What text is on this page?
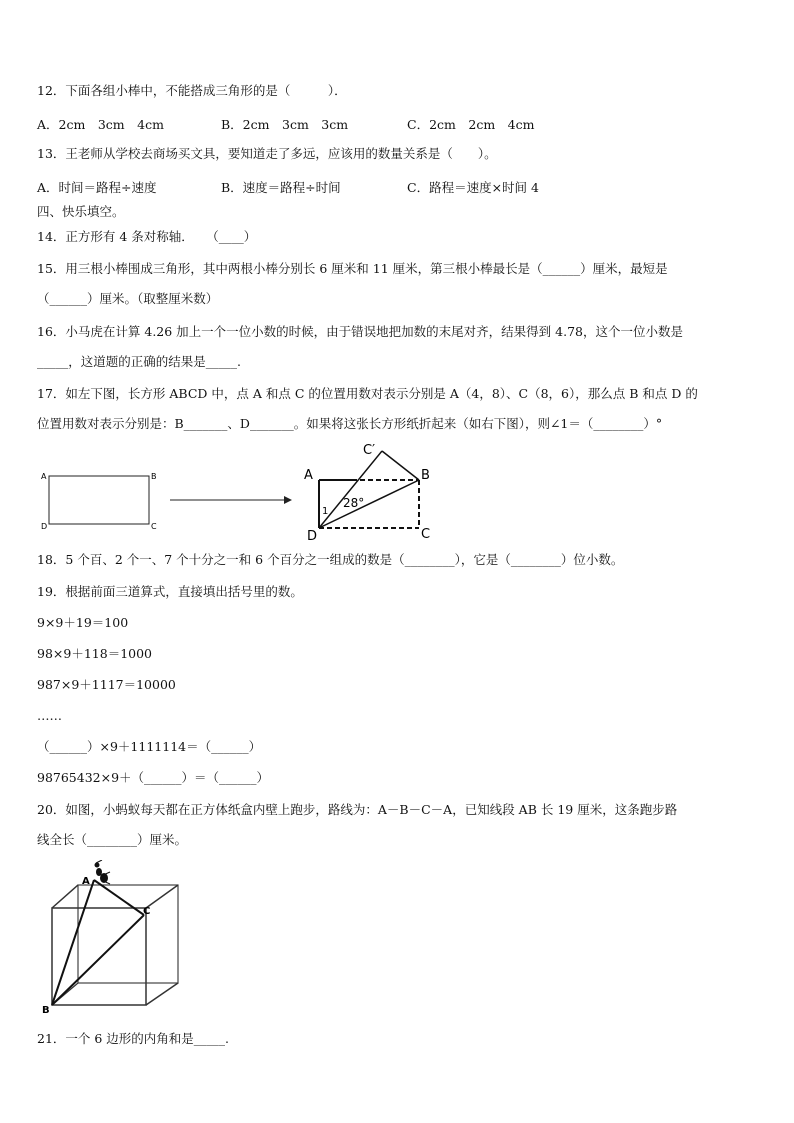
12．下面各组小棒中，不能搭成三角形的是（　　　）．
A．2cm　3cm　4cm	B．2cm　3cm　3cm	C．2cm　2cm　4cm
13．王老师从学校去商场买文具，要知道走了多远，应该用的数量关系是（　　）。
A．时间＝路程÷速度	B．速度＝路程÷时间	C．路程＝速度×时间 4
四、快乐填空。
14．正方形有 4 条对称轴．　　（____）
15．用三根小棒围成三角形，其中两根小棒分别长 6 厘米和 11 厘米，第三根小棒最长是（______）厘米，最短是
（______）厘米。（取整厘米数）
16．小马虎在计算 4.26 加上一个一位小数的时候，由于错误地把加数的末尾对齐，结果得到 4.78，这个一位小数是
_____，这道题的正确的结果是_____.
17．如左下图，长方形 ABCD 中，点 A 和点 C 的位置用数对表示分别是 A（4，8）、C（8，6），那么点 B 和点 D 的
位置用数对表示分别是：B_______、D_______。如果将这张长方形纸折起来（如右下图），则∠1＝（________）°
A	B
C
D
A	B
C
D
C′
28°
1
18．5 个百、2 个一、7 个十分之一和 6 个百分之一组成的数是（________），它是（________）位小数。
19．根据前面三道算式，直接填出括号里的数。
9×9＋19＝100
98×9＋118＝1000
987×9＋1117＝10000
……
（______）×9＋1111114＝（______）
98765432×9＋（______）＝（______）
20．如图，小蚂蚁每天都在正方体纸盒内壁上跑步，路线为：A－B－C－A，已知线段 AB 长 19 厘米，这条跑步路
线全长（________）厘米。
A
B
C
21．一个 6 边形的内角和是_____.
